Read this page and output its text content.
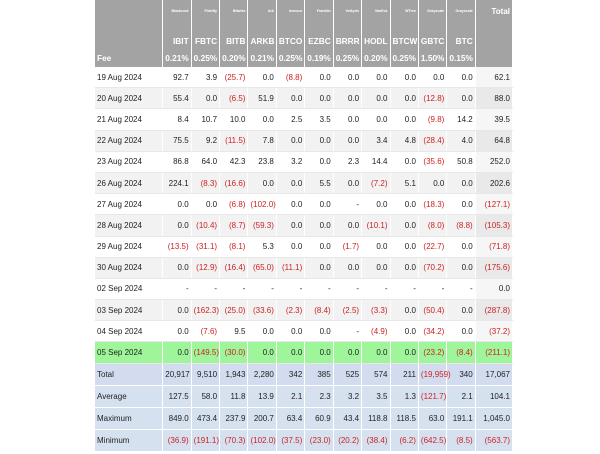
	Blackrock	Fidelity	Bitwise	Ark	Invesco	Franklin	Valkyrie	VanEck	WTree	Grayscale	Grayscale	Total
	IBIT	FBTC	BITB	ARKB	BTCO	EZBC	BRRR	HODL	BTCW	GBTC	BTC	
Fee	0.21%	0.25%	0.20%	0.21%	0.25%	0.19%	0.25%	0.20%	0.25%	1.50%	0.15%	
19 Aug 2024	92.7	3.9	(25.7)	0.0	(8.8)	0.0	0.0	0.0	0.0	0.0	0.0	62.1
20 Aug 2024	55.4	0.0	(6.5)	51.9	0.0	0.0	0.0	0.0	0.0	(12.8)	0.0	88.0
21 Aug 2024	8.4	10.7	10.0	0.0	2.5	3.5	0.0	0.0	0.0	(9.8)	14.2	39.5
22 Aug 2024	75.5	9.2	(11.5)	7.8	0.0	0.0	0.0	3.4	4.8	(28.4)	4.0	64.8
23 Aug 2024	86.8	64.0	42.3	23.8	3.2	0.0	2.3	14.4	0.0	(35.6)	50.8	252.0
26 Aug 2024	224.1	(8.3)	(16.6)	0.0	0.0	5.5	0.0	(7.2)	5.1	0.0	0.0	202.6
27 Aug 2024	0.0	0.0	(6.8)	(102.0)	0.0	0.0	-	0.0	0.0	(18.3)	0.0	(127.1)
28 Aug 2024	0.0	(10.4)	(8.7)	(59.3)	0.0	0.0	0.0	(10.1)	0.0	(8.0)	(8.8)	(105.3)
29 Aug 2024	(13.5)	(31.1)	(8.1)	5.3	0.0	0.0	(1.7)	0.0	0.0	(22.7)	0.0	(71.8)
30 Aug 2024	0.0	(12.9)	(16.4)	(65.0)	(11.1)	0.0	0.0	0.0	0.0	(70.2)	0.0	(175.6)
02 Sep 2024	-	-	-	-	-	-	-	-	-	-	-	0.0
03 Sep 2024	0.0	(162.3)	(25.0)	(33.6)	(2.3)	(8.4)	(2.5)	(3.3)	0.0	(50.4)	0.0	(287.8)
04 Sep 2024	0.0	(7.6)	9.5	0.0	0.0	0.0	-	(4.9)	0.0	(34.2)	0.0	(37.2)
05 Sep 2024	0.0	(149.5)	(30.0)	0.0	0.0	0.0	0.0	0.0	0.0	(23.2)	(8.4)	(211.1)
Total	20,917	9,510	1,943	2,280	342	385	525	574	211	(19,959)	340	17,067
Average	127.5	58.0	11.8	13.9	2.1	2.3	3.2	3.5	1.3	(121.7)	2.1	104.1
Maximum	849.0	473.4	237.9	200.7	63.4	60.9	43.4	118.8	118.5	63.0	191.1	1,045.0
Minimum	(36.9)	(191.1)	(70.3)	(102.0)	(37.5)	(23.0)	(20.2)	(38.4)	(6.2)	(642.5)	(8.5)	(563.7)
